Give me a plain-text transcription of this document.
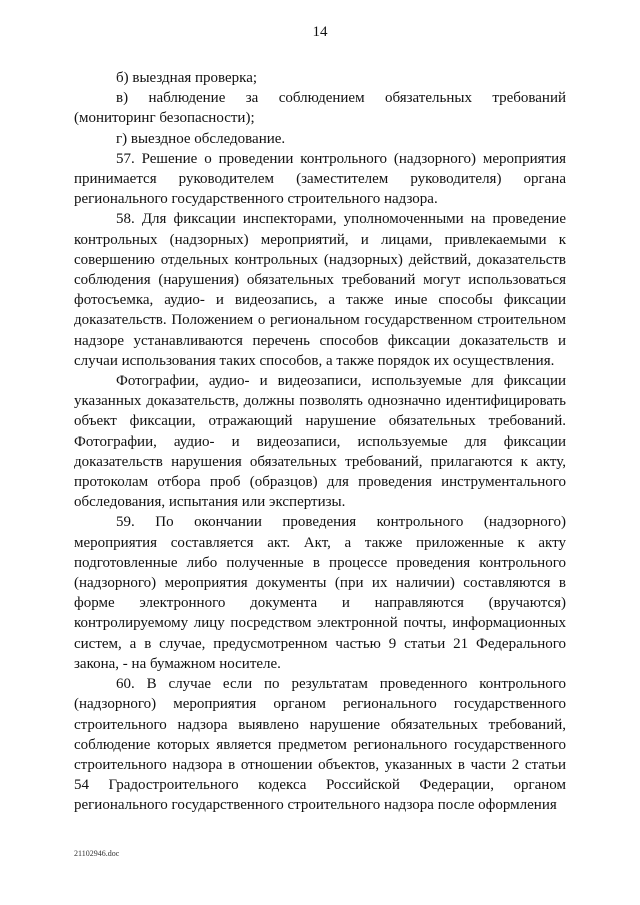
14

б) выездная проверка;

в) наблюдение за соблюдением обязательных требований (мониторинг безопасности);

г) выездное обследование.

57. Решение о проведении контрольного (надзорного) мероприятия принимается руководителем (заместителем руководителя) органа регионального государственного строительного надзора.

58. Для фиксации инспекторами, уполномоченными на проведение контрольных (надзорных) мероприятий, и лицами, привлекаемыми к совершению отдельных контрольных (надзорных) действий, доказательств соблюдения (нарушения) обязательных требований могут использоваться фотосъемка, аудио- и видеозапись, а также иные способы фиксации доказательств. Положением о региональном государственном строительном надзоре устанавливаются перечень способов фиксации доказательств и случаи использования таких способов, а также порядок их осуществления.

Фотографии, аудио- и видеозаписи, используемые для фиксации указанных доказательств, должны позволять однозначно идентифицировать объект фиксации, отражающий нарушение обязательных требований. Фотографии, аудио- и видеозаписи, используемые для фиксации доказательств нарушения обязательных требований, прилагаются к акту, протоколам отбора проб (образцов) для проведения инструментального обследования, испытания или экспертизы.

59. По окончании проведения контрольного (надзорного) мероприятия составляется акт. Акт, а также приложенные к акту подготовленные либо полученные в процессе проведения контрольного (надзорного) мероприятия документы (при их наличии) составляются в форме электронного документа и направляются (вручаются) контролируемому лицу посредством электронной почты, информационных систем, а в случае, предусмотренном частью 9 статьи 21 Федерального закона, - на бумажном носителе.

60. В случае если по результатам проведенного контрольного (надзорного) мероприятия органом регионального государственного строительного надзора выявлено нарушение обязательных требований, соблюдение которых является предметом регионального государственного строительного надзора в отношении объектов, указанных в части 2 статьи 54 Градостроительного кодекса Российской Федерации, органом регионального государственного строительного надзора после оформления

21102946.doc
